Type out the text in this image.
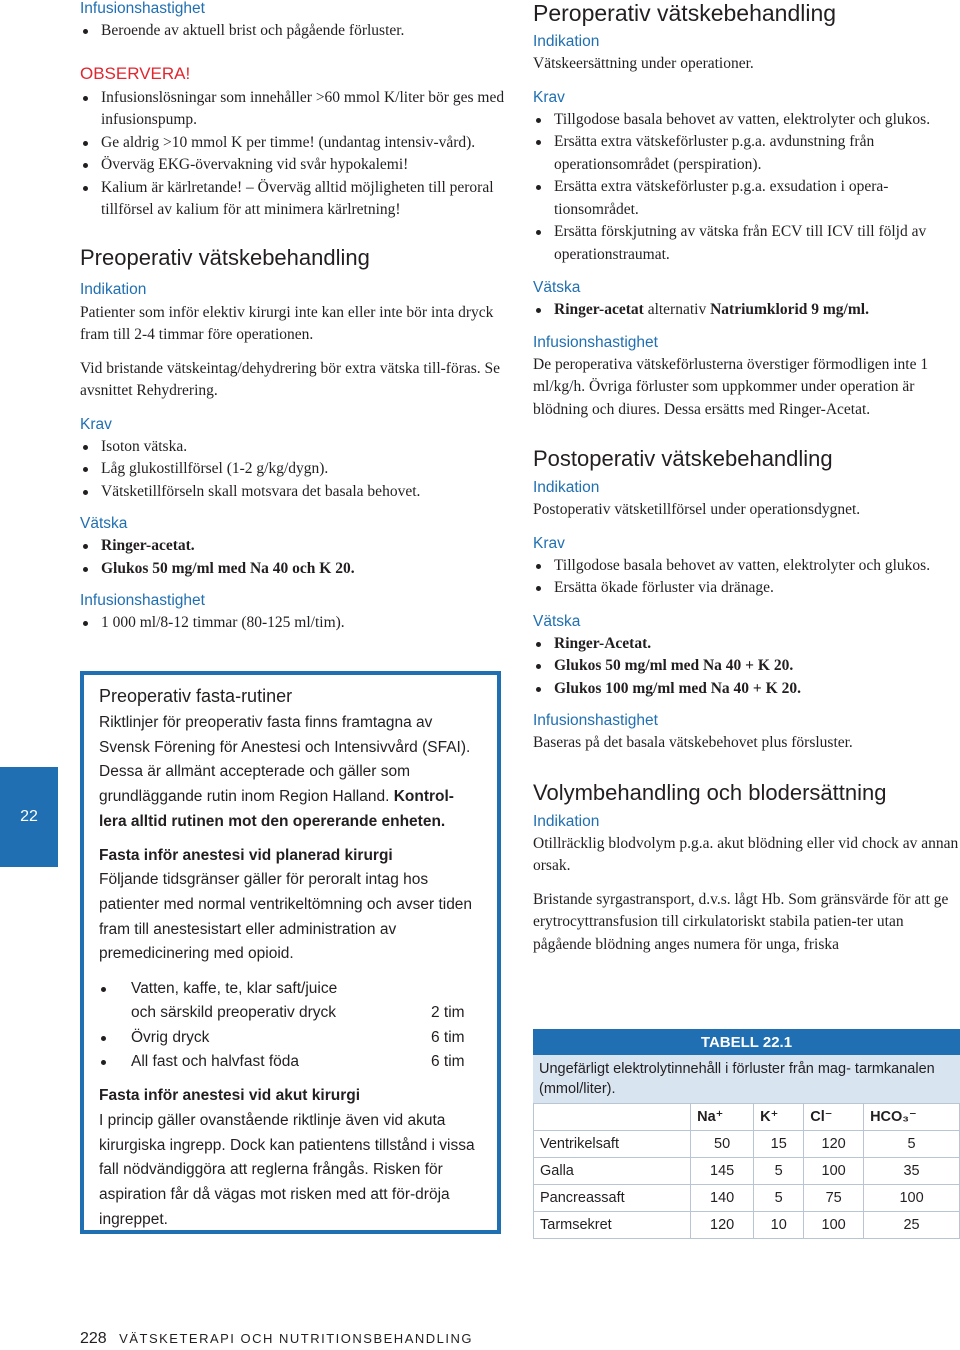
Infusionshastighet

Beroende av aktuell brist och pågående förluster.

OBSERVERA!

Infusionslösningar som innehåller >60 mmol K/liter bör ges med infusionspump.
Ge aldrig >10 mmol K per timme! (undantag intensiv-vård).
Överväg EKG-övervakning vid svår hypokalemi!
Kalium är kärlretande! – Överväg alltid möjligheten till peroral tillförsel av kalium för att minimera kärlretning!
Preoperativ vätskebehandling

Indikation

Patienter som inför elektiv kirurgi inte kan eller inte bör inta dryck fram till 2-4 timmar före operationen.

Vid bristande vätskeintag/dehydrering bör extra vätska till-föras. Se avsnittet Rehydrering.

Krav

Isoton vätska.
Låg glukostillförsel (1-2 g/kg/dygn).
Vätsketillförseln skall motsvara det basala behovet.

Vätska

Ringer-acetat.
Glukos 50 mg/ml med Na 40 och K 20.

Infusionshastighet

1 000 ml/8-12 timmar (80-125 ml/tim).

Preoperativ fasta-rutiner

Riktlinjer för preoperativ fasta finns framtagna av Svensk Förening för Anestesi och Intensivvård (SFAI). Dessa är allmänt accepterade och gäller som grundläggande rutin inom Region Halland. Kontrol-lera alltid rutinen mot den opererande enheten.

Fasta inför anestesi vid planerad kirurgi

Följande tidsgränser gäller för peroralt intag hos patienter med normal ventrikeltömning och avser tiden fram till anestesistart eller administration av premedicinering med opioid.

Vatten, kaffe, te, klar saft/juice
och särskild preoperativ dryck	2 tim
Övrig dryck	6 tim
All fast och halvfast föda	6 tim

Fasta inför anestesi vid akut kirurgi

I princip gäller ovanstående riktlinje även vid akuta kirurgiska ingrepp. Dock kan patientens tillstånd i vissa fall nödvändiggöra att reglerna frångås. Risken för aspiration får då vägas mot risken med att för-dröja ingreppet.

Peroperativ vätskebehandling

Indikation

Vätskeersättning under operationer.

Krav

Tillgodose basala behovet av vatten, elektrolyter och glukos.
Ersätta extra vätskeförluster p.g.a. avdunstning från operationsområdet (perspiration).
Ersätta extra vätskeförluster p.g.a. exsudation i opera-tionsområdet.
Ersätta förskjutning av vätska från ECV till ICV till följd av operationstraumat.

Vätska

Ringer-acetat alternativ Natriumklorid 9 mg/ml.

Infusionshastighet

De peroperativa vätskeförlusterna överstiger förmodligen inte 1 ml/kg/h. Övriga förluster som uppkommer under operation är blödning och diures. Dessa ersätts med Ringer-Acetat.

Postoperativ vätskebehandling

Indikation

Postoperativ vätsketillförsel under operationsdygnet.

Krav

Tillgodose basala behovet av vatten, elektrolyter och glukos.
Ersätta ökade förluster via dränage.

Vätska

Ringer-Acetat.
Glukos 50 mg/ml med Na 40 + K 20.
Glukos 100 mg/ml med Na 40 + K 20.

Infusionshastighet

Baseras på det basala vätskebehovet plus försluster.

Volymbehandling och blodersättning

Indikation

Otillräcklig blodvolym p.g.a. akut blödning eller vid chock av annan orsak.

Bristande syrgastransport, d.v.s. lågt Hb. Som gränsvärde för att ge erytrocyttransfusion till cirkulatoriskt stabila patien-ter utan pågående blödning anges numera för unga, friska

TABELL 22.1
Ungefärligt elektrolytinnehåll i förluster från mag- tarmkanalen (mmol/liter).
	Na⁺	K⁺	Cl⁻	HCO₃⁻
Ventrikelsaft	50	15	120	5
Galla	145	5	100	35
Pancreassaft	140	5	75	100
Tarmsekret	120	10	100	25
22
228 VÄTSKETERAPI OCH NUTRITIONSBEHANDLING
